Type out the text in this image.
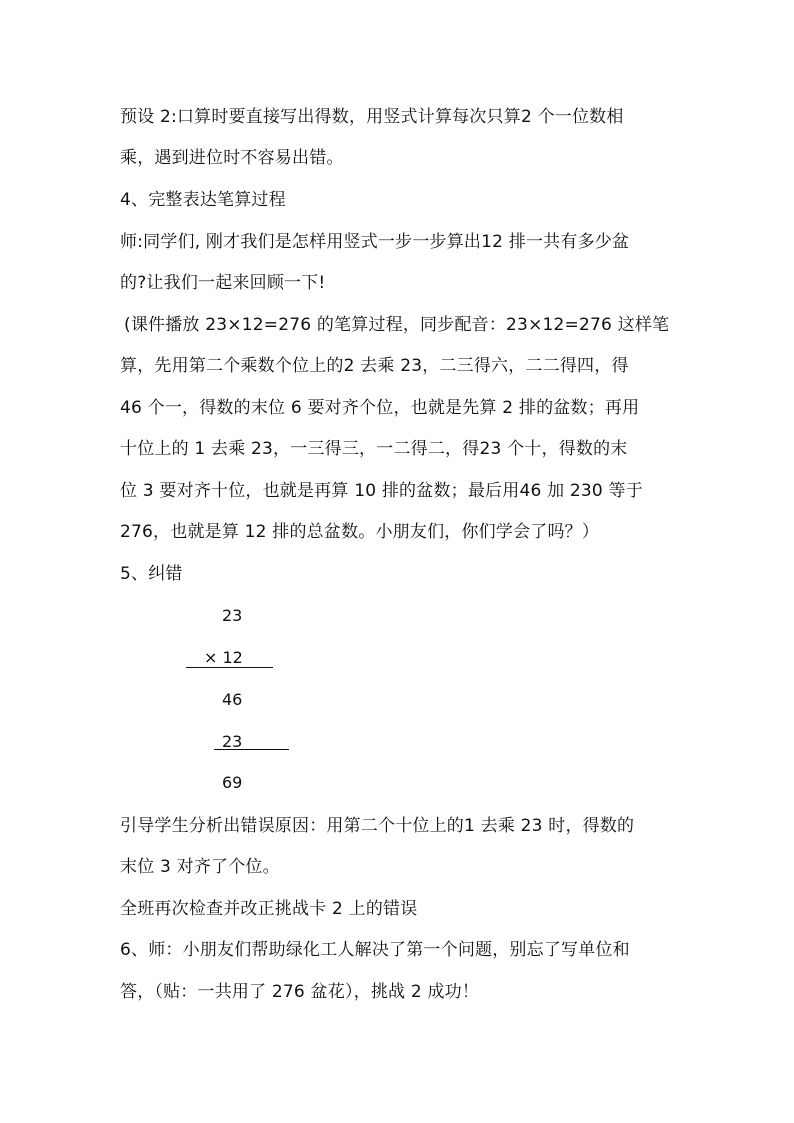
预设 2:口算时要直接写出得数，用竖式计算每次只算2 个一位数相
乘，遇到进位时不容易出错。
4、完整表达笔算过程
师:同学们, 刚才我们是怎样用竖式一步一步算出12 排一共有多少盆
的?让我们一起来回顾一下!
(课件播放 23×12=276 的笔算过程，同步配音：23×12=276 这样笔
算，先用第二个乘数个位上的2 去乘 23，二三得六，二二得四，得
46 个一，得数的末位 6 要对齐个位，也就是先算 2 排的盆数；再用
十位上的 1 去乘 23，一三得三，一二得二，得23 个十，得数的末
位 3 要对齐十位，也就是再算 10 排的盆数；最后用46 加 230 等于
276，也就是算 12 排的总盆数。小朋友们，你们学会了吗？）
5、纠错
23
× 12
46
23
69
引导学生分析出错误原因：用第二个十位上的1 去乘 23 时，得数的
末位 3 对齐了个位。
全班再次检查并改正挑战卡 2 上的错误
6、师：小朋友们帮助绿化工人解决了第一个问题，别忘了写单位和
答，（贴：一共用了 276 盆花），挑战 2 成功！
